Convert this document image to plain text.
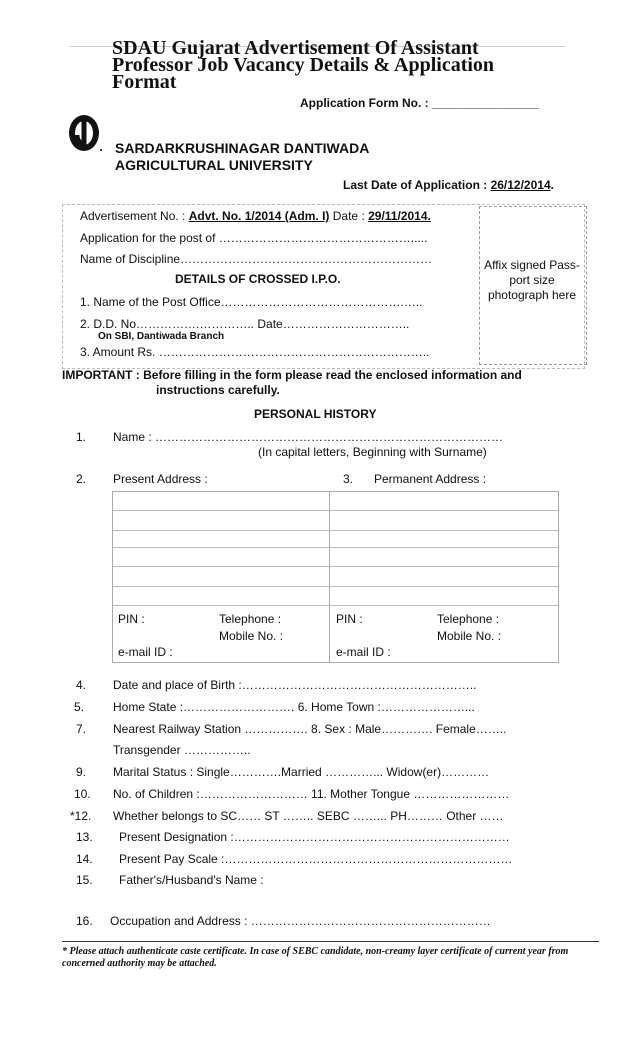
SDAU Gujarat Advertisement Of Assistant Professor Job Vacancy Details & Application Format
Application Form No. : ________________
SARDARKRUSHINAGAR DANTIWADA
AGRICULTURAL UNIVERSITY
Last Date of Application : 26/12/2014.
Affix signed Pass-port size photograph here
Advertisement No. : Advt. No. 1/2014 (Adm. I) Date : 29/11/2014.
Application for the post of ………………………………………….....
Name of Discipline………………………………………………………
DETAILS OF CROSSED I.P.O.
1. Name of the Post Office……………………………………….…..
2. D.D. No…………….………….. Date…………………………..
On SBI, Dantiwada Branch
3. Amount Rs. …………………………………………………………..
IMPORTANT : Before filling in the form please read the enclosed information and
instructions carefully.
PERSONAL HISTORY
1. Name : ……………………………………………………………………………
(In capital letters, Beginning with Surname)
2. Present Address :	3. Permanent Address :
PIN :	Telephone :
Mobile No. :
e-mail ID :
PIN :	Telephone :
Mobile No. :
e-mail ID :
4. Date and place of Birth :…………………………………………………..
5. Home State :………………………. 6. Home Town :…………………...
7. Nearest Railway Station ……………. 8. Sex : Male…………. Female……..
Transgender ……………..
9. Marital Status : Single………….Married …………... Widow(er)…………
10. No. of Children :……………………… 11. Mother Tongue ……………………
*12. Whether belongs to SC…… ST …….. SEBC ……... PH……… Other ……
13. Present Designation :……………………………………………………………
14. Present Pay Scale :………………………………………………………………
15. Father's/Husband's Name :
16. Occupation and Address : ……………………………………………………
* Please attach authenticate caste certificate. In case of SEBC candidate, non-creamy layer certificate of current year from concerned authority may be attached.
